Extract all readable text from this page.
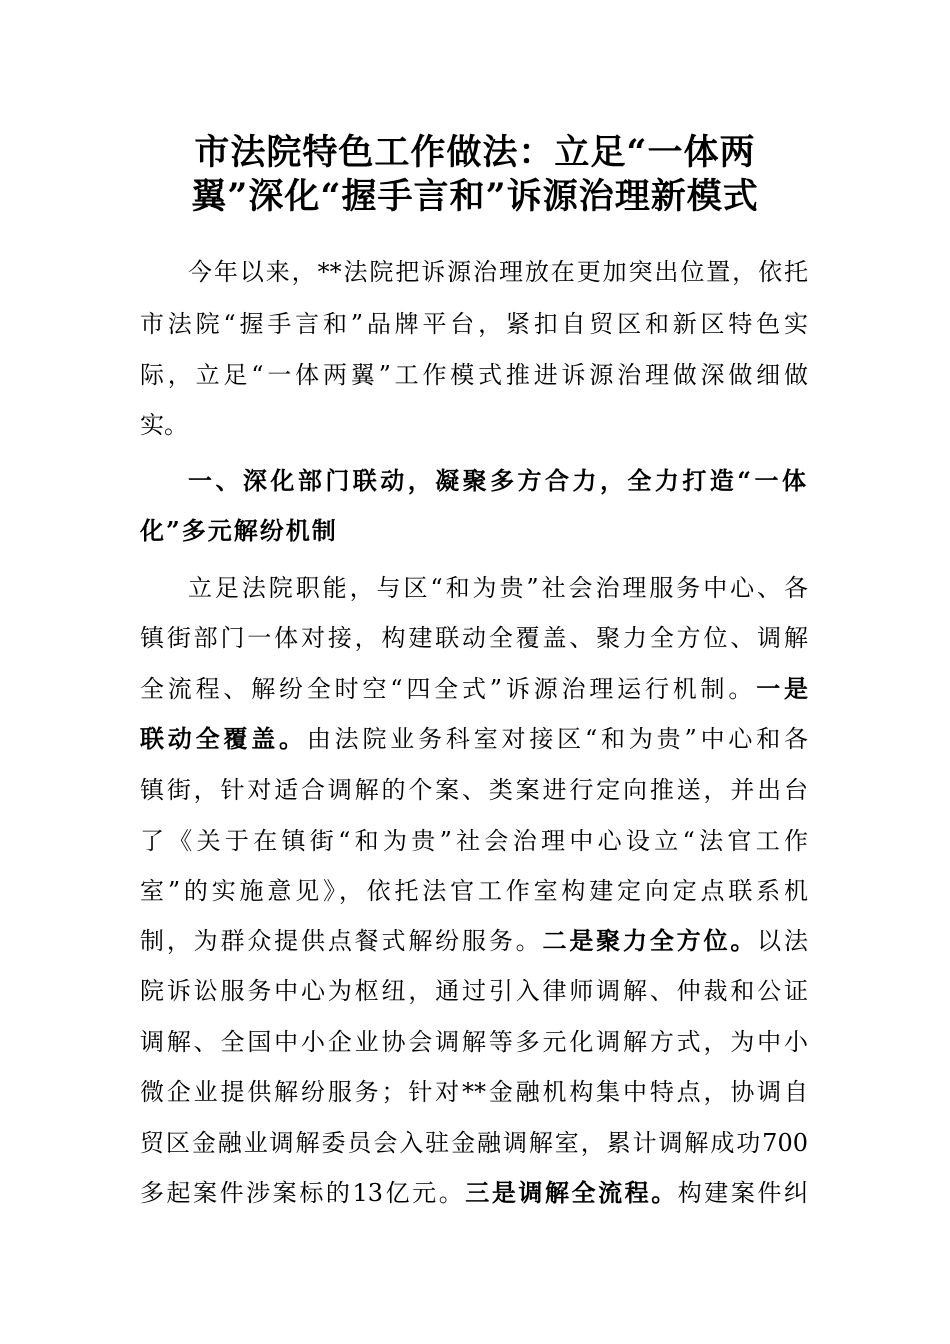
市法院特色工作做法：立足“一体两
翼”深化“握手言和”诉源治理新模式
今年以来，**法院把诉源治理放在更加突出位置，依托
市法院“握手言和”品牌平台，紧扣自贸区和新区特色实
际，立足“一体两翼”工作模式推进诉源治理做深做细做
实。
一、深化部门联动，凝聚多方合力，全力打造“一体
化”多元解纷机制
立足法院职能，与区“和为贵”社会治理服务中心、各
镇街部门一体对接，构建联动全覆盖、聚力全方位、调解
全流程、解纷全时空“四全式”诉源治理运行机制。一是
联动全覆盖。由法院业务科室对接区“和为贵”中心和各
镇街，针对适合调解的个案、类案进行定向推送，并出台
了《关于在镇街“和为贵”社会治理中心设立“法官工作
室”的实施意见》，依托法官工作室构建定向定点联系机
制，为群众提供点餐式解纷服务。二是聚力全方位。以法
院诉讼服务中心为枢纽，通过引入律师调解、仲裁和公证
调解、全国中小企业协会调解等多元化调解方式，为中小
微企业提供解纷服务；针对**金融机构集中特点，协调自
贸区金融业调解委员会入驻金融调解室，累计调解成功700
多起案件涉案标的13亿元。三是调解全流程。构建案件纠
